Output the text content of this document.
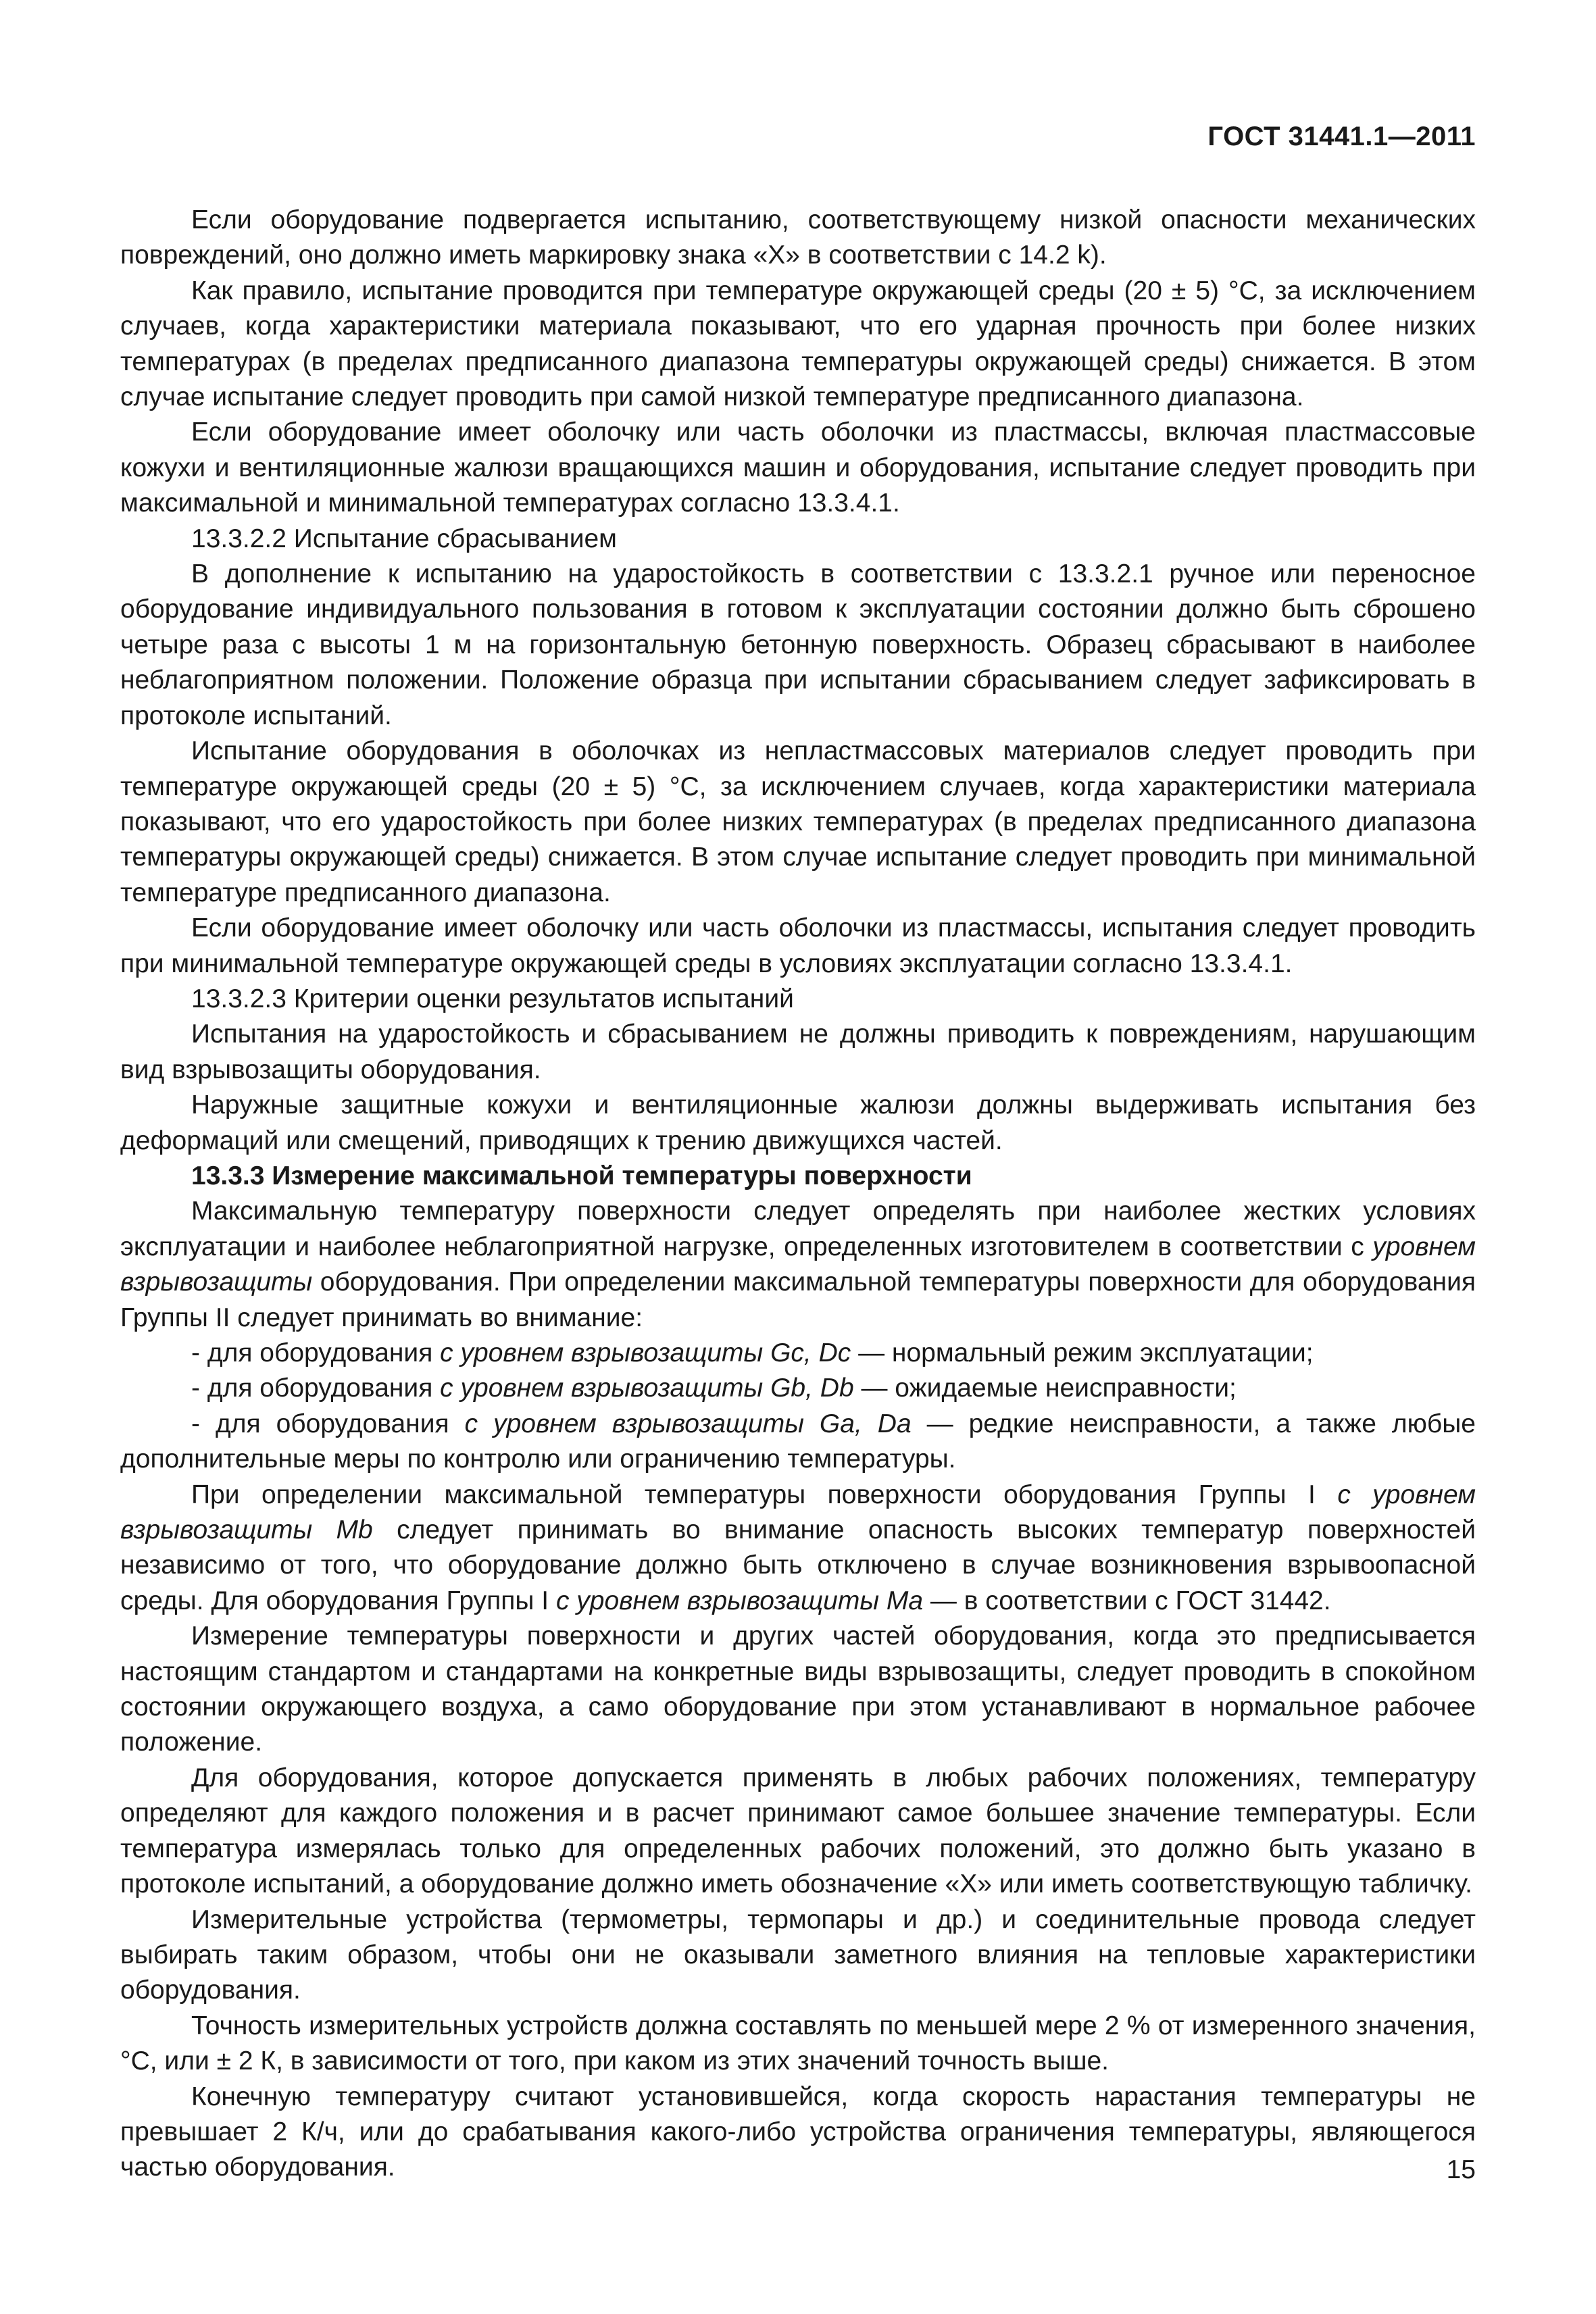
ГОСТ 31441.1—2011

Если оборудование подвергается испытанию, соответствующему низкой опасности механических повреждений, оно должно иметь маркировку знака «X» в соответствии с 14.2 k).

Как правило, испытание проводится при температуре окружающей среды (20 ± 5) °С, за исключением случаев, когда характеристики материала показывают, что его ударная прочность при более низких температурах (в пределах предписанного диапазона температуры окружающей среды) снижается. В этом случае испытание следует проводить при самой низкой температуре предписанного диапазона.

Если оборудование имеет оболочку или часть оболочки из пластмассы, включая пластмассовые кожухи и вентиляционные жалюзи вращающихся машин и оборудования, испытание следует проводить при максимальной и минимальной температурах согласно 13.3.4.1.

13.3.2.2 Испытание сбрасыванием

В дополнение к испытанию на ударостойкость в соответствии с 13.3.2.1 ручное или переносное оборудование индивидуального пользования в готовом к эксплуатации состоянии должно быть сброшено четыре раза с высоты 1 м на горизонтальную бетонную поверхность. Образец сбрасывают в наиболее неблагоприятном положении. Положение образца при испытании сбрасыванием следует зафиксировать в протоколе испытаний.

Испытание оборудования в оболочках из непластмассовых материалов следует проводить при температуре окружающей среды (20 ± 5) °С, за исключением случаев, когда характеристики материала показывают, что его ударостойкость при более низких температурах (в пределах предписанного диапазона температуры окружающей среды) снижается. В этом случае испытание следует проводить при минимальной температуре предписанного диапазона.

Если оборудование имеет оболочку или часть оболочки из пластмассы, испытания следует проводить при минимальной температуре окружающей среды в условиях эксплуатации согласно 13.3.4.1.

13.3.2.3 Критерии оценки результатов испытаний

Испытания на ударостойкость и сбрасыванием не должны приводить к повреждениям, нарушающим вид взрывозащиты оборудования.

Наружные защитные кожухи и вентиляционные жалюзи должны выдерживать испытания без деформаций или смещений, приводящих к трению движущихся частей.

13.3.3 Измерение максимальной температуры поверхности

Максимальную температуру поверхности следует определять при наиболее жестких условиях эксплуатации и наиболее неблагоприятной нагрузке, определенных изготовителем в соответствии с уровнем взрывозащиты оборудования. При определении максимальной температуры поверхности для оборудования Группы II следует принимать во внимание:

- для оборудования с уровнем взрывозащиты Gc, Dc — нормальный режим эксплуатации;

- для оборудования с уровнем взрывозащиты Gb, Db — ожидаемые неисправности;

- для оборудования с уровнем взрывозащиты Ga, Da — редкие неисправности, а также любые дополнительные меры по контролю или ограничению температуры.

При определении максимальной температуры поверхности оборудования Группы I с уровнем взрывозащиты Mb следует принимать во внимание опасность высоких температур поверхностей независимо от того, что оборудование должно быть отключено в случае возникновения взрывоопасной среды. Для оборудования Группы I с уровнем взрывозащиты Ma — в соответствии с ГОСТ 31442.

Измерение температуры поверхности и других частей оборудования, когда это предписывается настоящим стандартом и стандартами на конкретные виды взрывозащиты, следует проводить в спокойном состоянии окружающего воздуха, а само оборудование при этом устанавливают в нормальное рабочее положение.

Для оборудования, которое допускается применять в любых рабочих положениях, температуру определяют для каждого положения и в расчет принимают самое большее значение температуры. Если температура измерялась только для определенных рабочих положений, это должно быть указано в протоколе испытаний, а оборудование должно иметь обозначение «X» или иметь соответствующую табличку.

Измерительные устройства (термометры, термопары и др.) и соединительные провода следует выбирать таким образом, чтобы они не оказывали заметного влияния на тепловые характеристики оборудования.

Точность измерительных устройств должна составлять по меньшей мере 2 % от измеренного значения, °С, или ± 2 К, в зависимости от того, при каком из этих значений точность выше.

Конечную температуру считают установившейся, когда скорость нарастания температуры не превышает 2 К/ч, или до срабатывания какого-либо устройства ограничения температуры, являющегося частью оборудования.	15
